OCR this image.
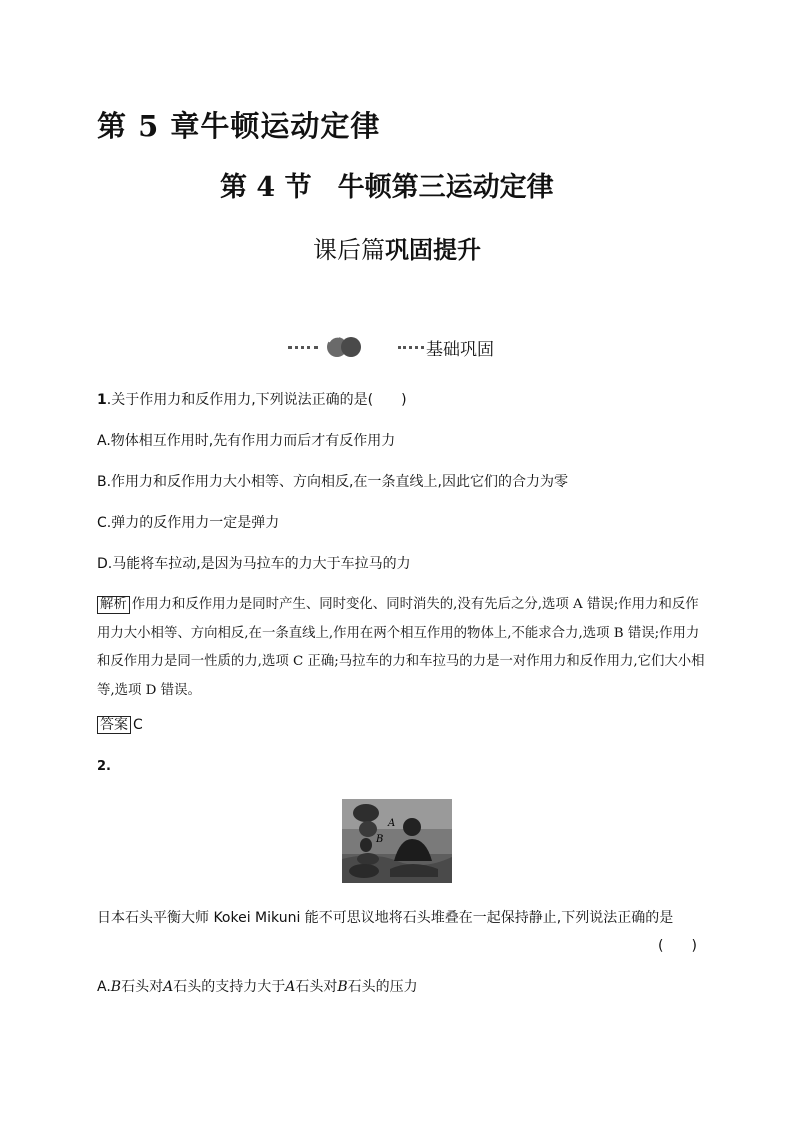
第 5 章牛顿运动定律
第 4 节 牛顿第三运动定律
课后篇巩固提升
基础巩固
1.关于作用力和反作用力,下列说法正确的是(　　)
A.物体相互作用时,先有作用力而后才有反作用力
B.作用力和反作用力大小相等、方向相反,在一条直线上,因此它们的合力为零
C.弹力的反作用力一定是弹力
D.马能将车拉动,是因为马拉车的力大于车拉马的力
解析 作用力和反作用力是同时产生、同时变化、同时消失的,没有先后之分,选项 A 错误;作用力和反作用力大小相等、方向相反,在一条直线上,作用在两个相互作用的物体上,不能求合力,选项 B 错误;作用力和反作用力是同一性质的力,选项 C 正确;马拉车的力和车拉马的力是一对作用力和反作用力,它们大小相等,选项 D 错误。
答案 C
2.
A
B
日本石头平衡大师 Kokei Mikuni 能不可思议地将石头堆叠在一起保持静止,下列说法正确的是
(　　)
A.B石头对A石头的支持力大于A石头对B石头的压力
